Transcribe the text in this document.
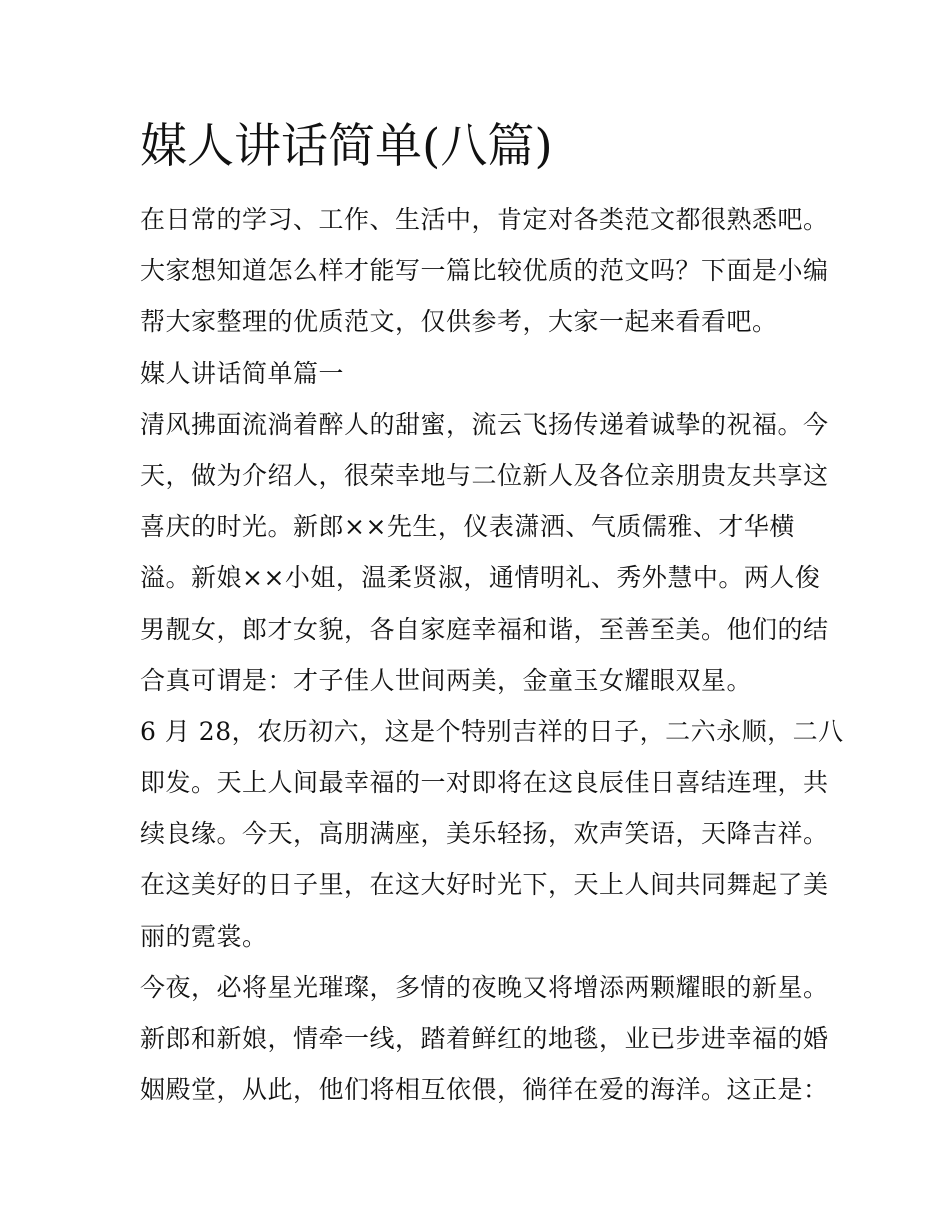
媒人讲话简单(八篇)
在日常的学习、工作、生活中，肯定对各类范文都很熟悉吧。
大家想知道怎么样才能写一篇比较优质的范文吗？下面是小编
帮大家整理的优质范文，仅供参考，大家一起来看看吧。
媒人讲话简单篇一
清风拂面流淌着醉人的甜蜜，流云飞扬传递着诚挚的祝福。今
天，做为介绍人，很荣幸地与二位新人及各位亲朋贵友共享这
喜庆的时光。新郎××先生，仪表潇洒、气质儒雅、才华横
溢。新娘××小姐，温柔贤淑，通情明礼、秀外慧中。两人俊
男靓女，郎才女貌，各自家庭幸福和谐，至善至美。他们的结
合真可谓是：才子佳人世间两美，金童玉女耀眼双星。
6 月 28，农历初六，这是个特别吉祥的日子，二六永顺，二八
即发。天上人间最幸福的一对即将在这良辰佳日喜结连理，共
续良缘。今天，高朋满座，美乐轻扬，欢声笑语，天降吉祥。
在这美好的日子里，在这大好时光下，天上人间共同舞起了美
丽的霓裳。
今夜，必将星光璀璨，多情的夜晚又将增添两颗耀眼的新星。
新郎和新娘，情牵一线，踏着鲜红的地毯，业已步进幸福的婚
姻殿堂，从此，他们将相互依偎，徜徉在爱的海洋。这正是：
